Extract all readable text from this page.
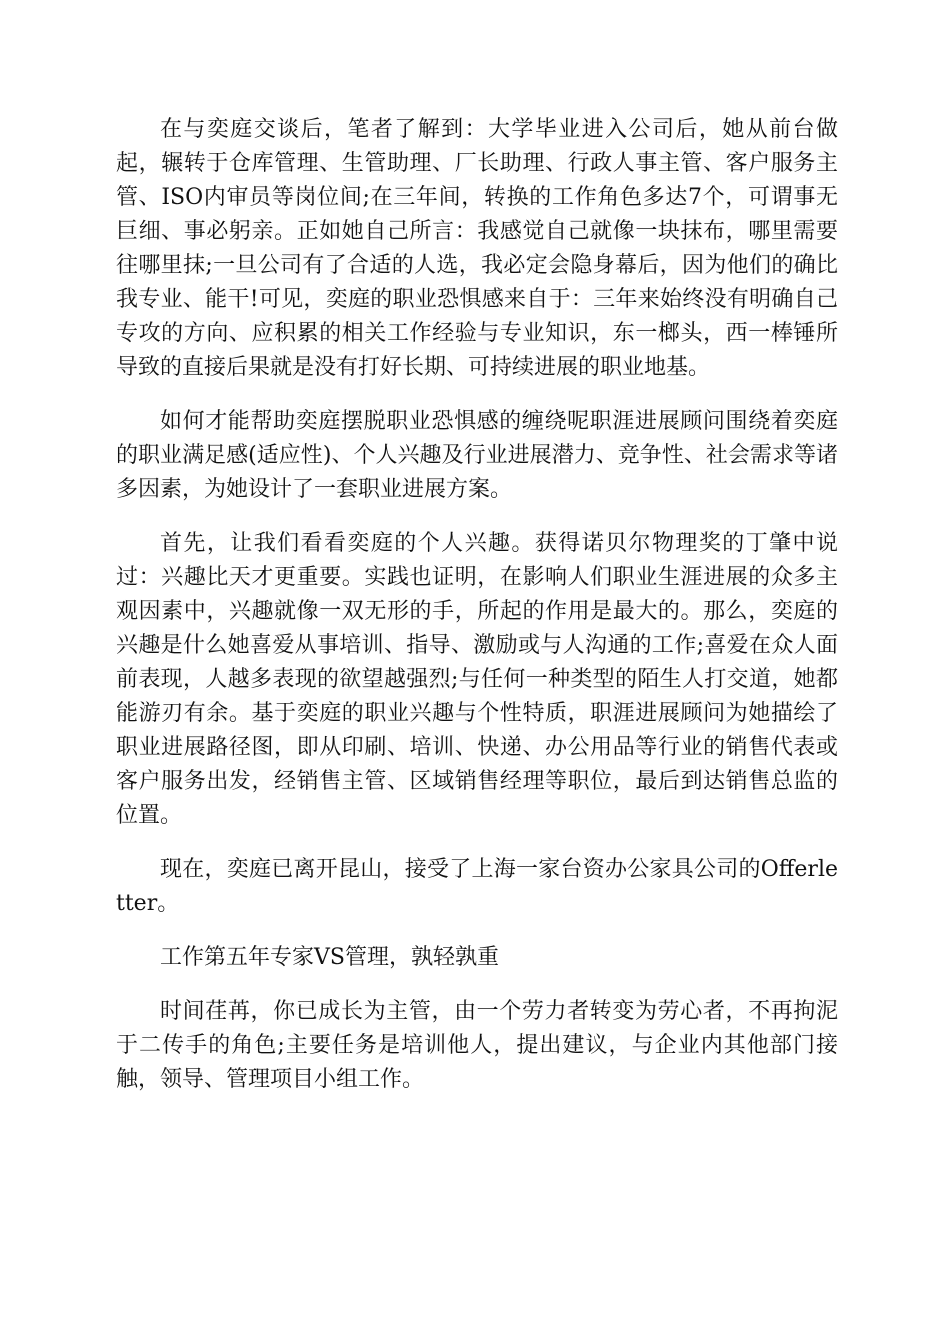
在与奕庭交谈后，笔者了解到：大学毕业进入公司后，她从前台做起，辗转于仓库管理、生管助理、厂长助理、行政人事主管、客户服务主管、ISO内审员等岗位间;在三年间，转换的工作角色多达7个，可谓事无巨细、事必躬亲。正如她自己所言：我感觉自己就像一块抹布，哪里需要往哪里抹;一旦公司有了合适的人选，我必定会隐身幕后，因为他们的确比我专业、能干!可见，奕庭的职业恐惧感来自于：三年来始终没有明确自己专攻的方向、应积累的相关工作经验与专业知识，东一榔头，西一棒锤所导致的直接后果就是没有打好长期、可持续进展的职业地基。

如何才能帮助奕庭摆脱职业恐惧感的缠绕呢职涯进展顾问围绕着奕庭的职业满足感(适应性)、个人兴趣及行业进展潜力、竞争性、社会需求等诸多因素，为她设计了一套职业进展方案。

首先，让我们看看奕庭的个人兴趣。获得诺贝尔物理奖的丁肇中说过：兴趣比天才更重要。实践也证明，在影响人们职业生涯进展的众多主观因素中，兴趣就像一双无形的手，所起的作用是最大的。那么，奕庭的兴趣是什么她喜爱从事培训、指导、激励或与人沟通的工作;喜爱在众人面前表现，人越多表现的欲望越强烈;与任何一种类型的陌生人打交道，她都能游刃有余。基于奕庭的职业兴趣与个性特质，职涯进展顾问为她描绘了职业进展路径图，即从印刷、培训、快递、办公用品等行业的销售代表或客户服务出发，经销售主管、区域销售经理等职位，最后到达销售总监的位置。

现在，奕庭已离开昆山，接受了上海一家台资办公家具公司的Offerletter。

工作第五年专家VS管理，孰轻孰重

时间荏苒，你已成长为主管，由一个劳力者转变为劳心者，不再拘泥于二传手的角色;主要任务是培训他人，提出建议，与企业内其他部门接触，领导、管理项目小组工作。
